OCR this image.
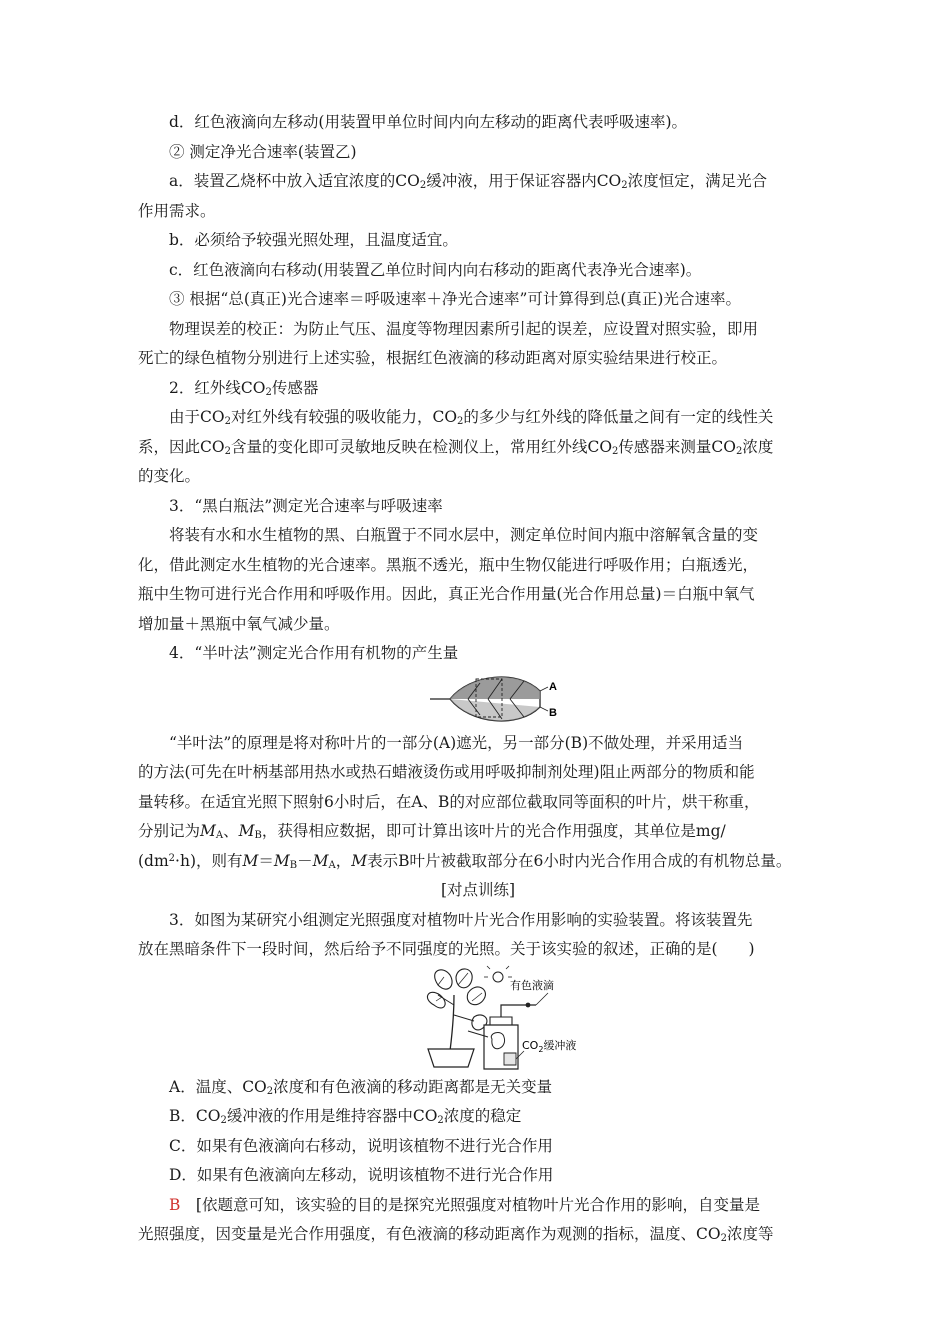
d．红色液滴向左移动(用装置甲单位时间内向左移动的距离代表呼吸速率)。
② 测定净光合速率(装置乙)
a．装置乙烧杯中放入适宜浓度的$CO_2$缓冲液，用于保证容器内$CO_2$浓度恒定，满足光合
作用需求。
b．必须给予较强光照处理，且温度适宜。
c．红色液滴向右移动(用装置乙单位时间内向右移动的距离代表净光合速率)。
③ 根据“总(真正)光合速率＝呼吸速率＋净光合速率”可计算得到总(真正)光合速率。
物理误差的校正：为防止气压、温度等物理因素所引起的误差，应设置对照实验，即用
死亡的绿色植物分别进行上述实验，根据红色液滴的移动距离对原实验结果进行校正。
2．红外线$CO_2$传感器
由于$CO_2$对红外线有较强的吸收能力，$CO_2$的多少与红外线的降低量之间有一定的线性关
系，因此$CO_2$含量的变化即可灵敏地反映在检测仪上，常用红外线$CO_2$传感器来测量$CO_2$浓度
的变化。
3．“黑白瓶法”测定光合速率与呼吸速率
将装有水和水生植物的黑、白瓶置于不同水层中，测定单位时间内瓶中溶解氧含量的变
化，借此测定水生植物的光合速率。黑瓶不透光，瓶中生物仅能进行呼吸作用；白瓶透光，
瓶中生物可进行光合作用和呼吸作用。因此，真正光合作用量(光合作用总量)＝白瓶中氧气
增加量＋黑瓶中氧气减少量。
4．“半叶法”测定光合作用有机物的产生量
A
B
“半叶法”的原理是将对称叶片的一部分(A)遮光，另一部分(B)不做处理，并采用适当
的方法(可先在叶柄基部用热水或热石蜡液烫伤或用呼吸抑制剂处理)阻止两部分的物质和能
量转移。在适宜光照下照射6小时后，在A、B的对应部位截取同等面积的叶片，烘干称重，
分别记为$M_A$、$M_B$，获得相应数据，即可计算出该叶片的光合作用强度，其单位是mg/
$(dm^2\cdot h)$，则有$M=M_B-M_A$，M表示B叶片被截取部分在6小时内光合作用合成的有机物总量。
[对点训练]
3．如图为某研究小组测定光照强度对植物叶片光合作用影响的实验装置。将该装置先
放在黑暗条件下一段时间，然后给予不同强度的光照。关于该实验的叙述，正确的是(　　)
有色液滴
$CO_2$缓冲液
A．温度、$CO_2$浓度和有色液滴的移动距离都是无关变量
B．$CO_2$缓冲液的作用是维持容器中$CO_2$浓度的稳定
C．如果有色液滴向右移动，说明该植物不进行光合作用
D．如果有色液滴向左移动，说明该植物不进行光合作用
B　[依题意可知，该实验的目的是探究光照强度对植物叶片光合作用的影响，自变量是
光照强度，因变量是光合作用强度，有色液滴的移动距离作为观测的指标，温度、$CO_2$浓度等
